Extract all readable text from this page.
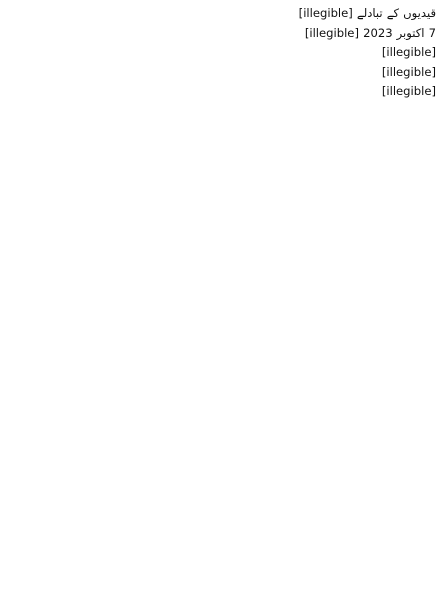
قیدیوں کے تبادلے [illegible]

7 اکتوبر 2023 [illegible]

[illegible]

[illegible]

[illegible]
